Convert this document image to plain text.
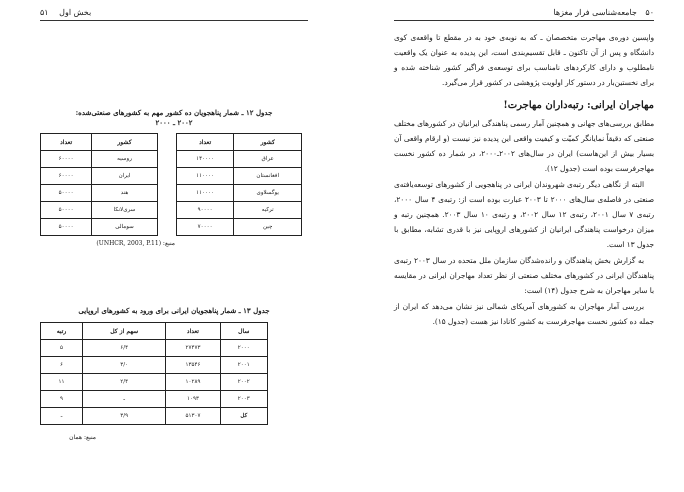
بخش اول ۵۱	۵۰ جامعه‌شناسی فرار مغزها

واپسین دوره‌ی مهاجرت متخصصان ـ که به نوبه‌ی خود به در مقطع تا واقعه‌ی کوی دانشگاه و پس از آن تاکنون ـ قابل تقسیم‌بندی است، این پدیده به عنوان یک واقعیت نامطلوب و دارای کارکردهای نامناسب برای توسعه‌ی فراگیر کشور شناخته شده و برای نخستین‌بار در دستور کار اولویت پژوهشی در کشور قرار می‌گیرد.

مهاجران ایرانی: رتبه‌داران مهاجرت!

مطابق بررسی‌های جهانی و همچنین آمار رسمی پناهندگی ایرانیان در کشورهای مختلف صنعتی که دقیقاً نمایانگر کمیّت و کیفیت واقعی این پدیده نیز نیست (و ارقام واقعی آن بسیار بیش از این‌هاست) ایران در سال‌های ۲۰۰۲ـ۲۰۰۰، در شمار ده کشور نخست مهاجرفرست بوده است (جدول ۱۲).

البته از نگاهی دیگر رتبه‌ی شهروندان ایرانی در پناهجویی از کشورهای توسعه‌یافته‌ی صنعتی در فاصله‌ی سال‌های ۲۰۰۰ تا ۲۰۰۳ عبارت بوده است از: رتبه‌ی ۴ سال ۲۰۰۰، رتبه‌ی ۷ سال ۲۰۰۱، رتبه‌ی ۱۲ سال ۲۰۰۲، و رتبه‌ی ۱۰ سال ۲۰۰۳. همچنین رتبه و میزان درخواست پناهندگی ایرانیان از کشورهای اروپایی نیز با قدری تشابه، مطابق با جدول ۱۳ است.

به گزارش بخش پناهندگان و رانده‌شدگان سازمان ملل متحده در سال ۲۰۰۳ رتبه‌ی پناهندگان ایرانی در کشورهای مختلف صنعتی از نظر تعداد مهاجران ایرانی در مقایسه با سایر مهاجران به شرح جدول (۱۴) است:

بررسی آمار مهاجران به کشورهای آمریکای شمالی نیز نشان می‌دهد که ایران از جمله ده کشور نخست مهاجرفرست به کشور کانادا نیز هست (جدول ۱۵).

جدول ۱۲ ـ شمار پناهجویان ده کشور مهم به کشورهای صنعتی‌شده:
۲۰۰۲ ـ ۲۰۰۰
کشور	تعداد		کشور	تعداد
عراق	۱۴۰۰۰۰		روسیه	۶۰۰۰۰
افغانستان	۱۱۰۰۰۰		ایران	۶۰۰۰۰
یوگسلاوی	۱۱۰۰۰۰		هند	۵۰۰۰۰
ترکیه	۹۰۰۰۰		سری‌لانکا	۵۰۰۰۰
چین	۷۰۰۰۰		سومالی	۵۰۰۰۰
منبع: (UNHCR, 2003, P.11)
جدول ۱۳ ـ شمار پناهجویان ایرانی برای ورود به کشورهای اروپایی
سال	تعداد	سهم از کل	رتبه
۲۰۰۰	۲۷۴۷۳	۶/۴	۵
۲۰۰۱	۱۳۵۴۶	۳/۰	۶
۲۰۰۲	۱۰۲۸۹	۲/۴	۱۱
۲۰۰۳	۱۰۹۳	ـ	۹
کل	۵۱۳۰۷	۳/۹	ـ
منبع: همان
